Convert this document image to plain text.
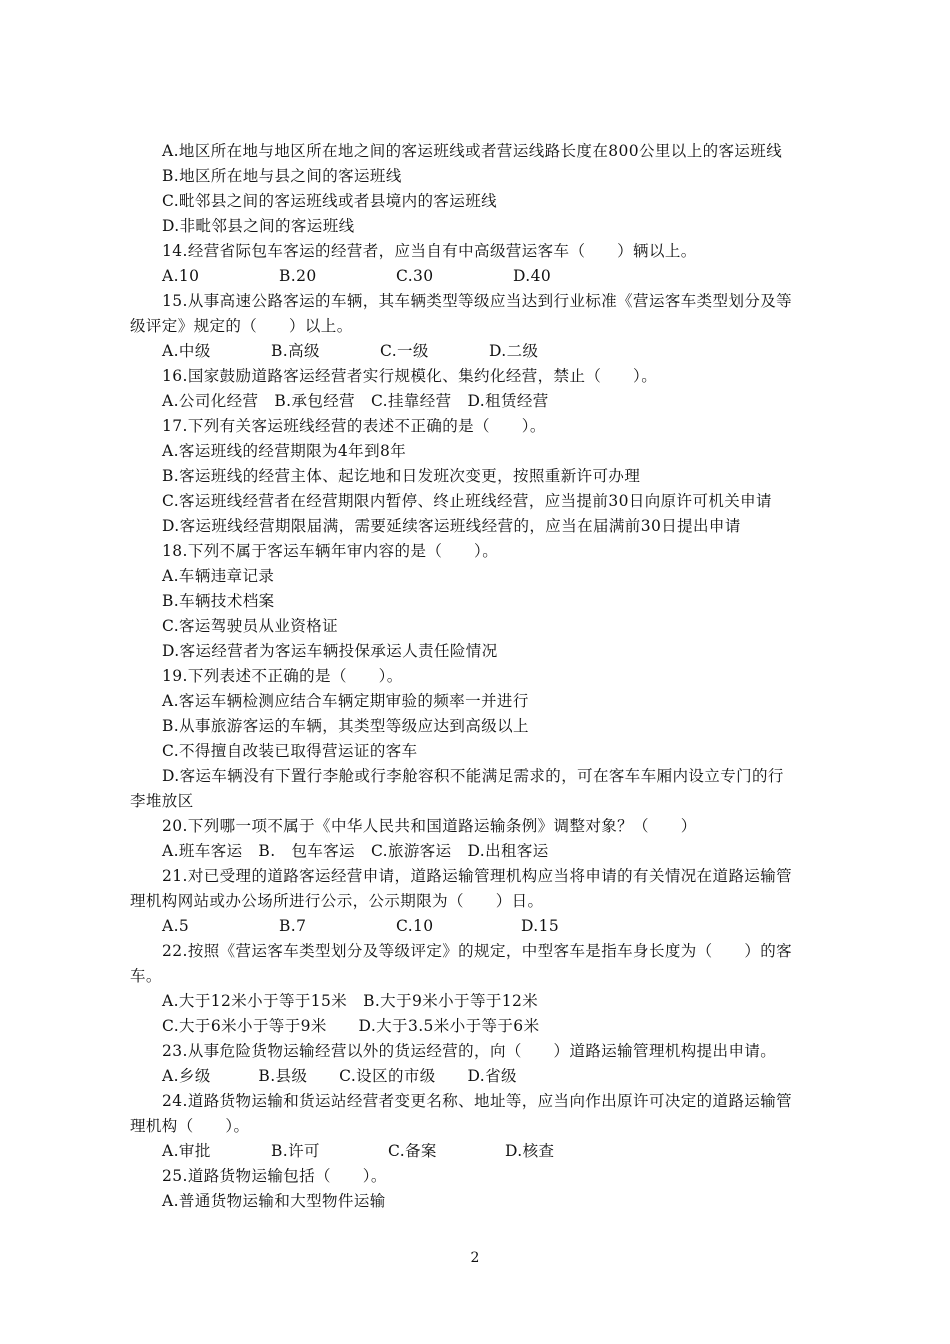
A.地区所在地与地区所在地之间的客运班线或者营运线路长度在800公里以上的客运班线
B.地区所在地与县之间的客运班线
C.毗邻县之间的客运班线或者县境内的客运班线
D.非毗邻县之间的客运班线
14.经营省际包车客运的经营者，应当自有中高级营运客车（　　）辆以上。
A.10	B.20	C.30	D.40
15.从事高速公路客运的车辆，其车辆类型等级应当达到行业标准《营运客车类型划分及等
级评定》规定的（　　）以上。
A.中级	B.高级	C.一级	D.二级
16.国家鼓励道路客运经营者实行规模化、集约化经营，禁止（　　）。
A.公司化经营　B.承包经营　C.挂靠经营　D.租赁经营
17.下列有关客运班线经营的表述不正确的是（　　）。
A.客运班线的经营期限为4年到8年
B.客运班线的经营主体、起讫地和日发班次变更，按照重新许可办理
C.客运班线经营者在经营期限内暂停、终止班线经营，应当提前30日向原许可机关申请
D.客运班线经营期限届满，需要延续客运班线经营的，应当在届满前30日提出申请
18.下列不属于客运车辆年审内容的是（　　）。
A.车辆违章记录
B.车辆技术档案
C.客运驾驶员从业资格证
D.客运经营者为客运车辆投保承运人责任险情况
19.下列表述不正确的是（　　）。
A.客运车辆检测应结合车辆定期审验的频率一并进行
B.从事旅游客运的车辆，其类型等级应达到高级以上
C.不得擅自改装已取得营运证的客车
D.客运车辆没有下置行李舱或行李舱容积不能满足需求的，可在客车车厢内设立专门的行
李堆放区
20.下列哪一项不属于《中华人民共和国道路运输条例》调整对象？（　　）
A.班车客运　B.　包车客运　C.旅游客运　D.出租客运
21.对已受理的道路客运经营申请，道路运输管理机构应当将申请的有关情况在道路运输管
理机构网站或办公场所进行公示，公示期限为（　　）日。
A.5	B.7	C.10	D.15
22.按照《营运客车类型划分及等级评定》的规定，中型客车是指车身长度为（　　）的客
车。
A.大于12米小于等于15米　B.大于9米小于等于12米
C.大于6米小于等于9米　　D.大于3.5米小于等于6米
23.从事危险货物运输经营以外的货运经营的，向（　　）道路运输管理机构提出申请。
A.乡级　　　B.县级　　C.设区的市级　　D.省级
24.道路货物运输和货运站经营者变更名称、地址等，应当向作出原许可决定的道路运输管
理机构（　　）。
A.审批	B.许可	C.备案	D.核查
25.道路货物运输包括（　　）。
A.普通货物运输和大型物件运输
2
